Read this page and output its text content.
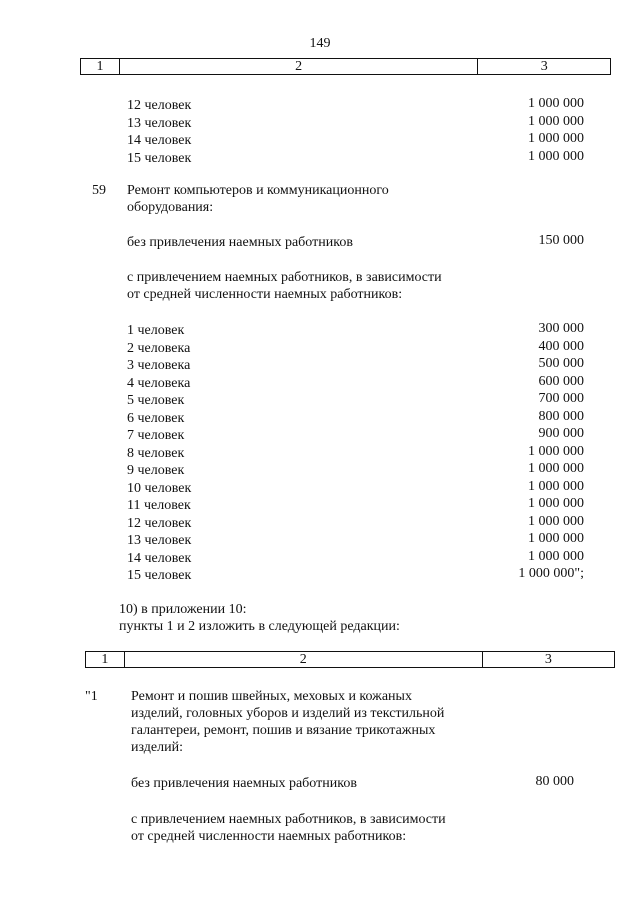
149
1	2	3
12 человек	1 000 000
13 человек	1 000 000
14 человек	1 000 000
15 человек	1 000 000
59 Ремонт компьютеров и коммуникационного
оборудования:
без привлечения наемных работников	150 000
с привлечением наемных работников, в зависимости
от средней численности наемных работников:
1 человек	300 000
2 человека	400 000
3 человека	500 000
4 человека	600 000
5 человек	700 000
6 человек	800 000
7 человек	900 000
8 человек	1 000 000
9 человек	1 000 000
10 человек	1 000 000
11 человек	1 000 000
12 человек	1 000 000
13 человек	1 000 000
14 человек	1 000 000
15 человек	1 000 000";
10) в приложении 10:
пункты 1 и 2 изложить в следующей редакции:
1	2	3
"1 Ремонт и пошив швейных, меховых и кожаных
изделий, головных уборов и изделий из текстильной
галантереи, ремонт, пошив и вязание трикотажных
изделий:
без привлечения наемных работников	80 000
с привлечением наемных работников, в зависимости
от средней численности наемных работников:
